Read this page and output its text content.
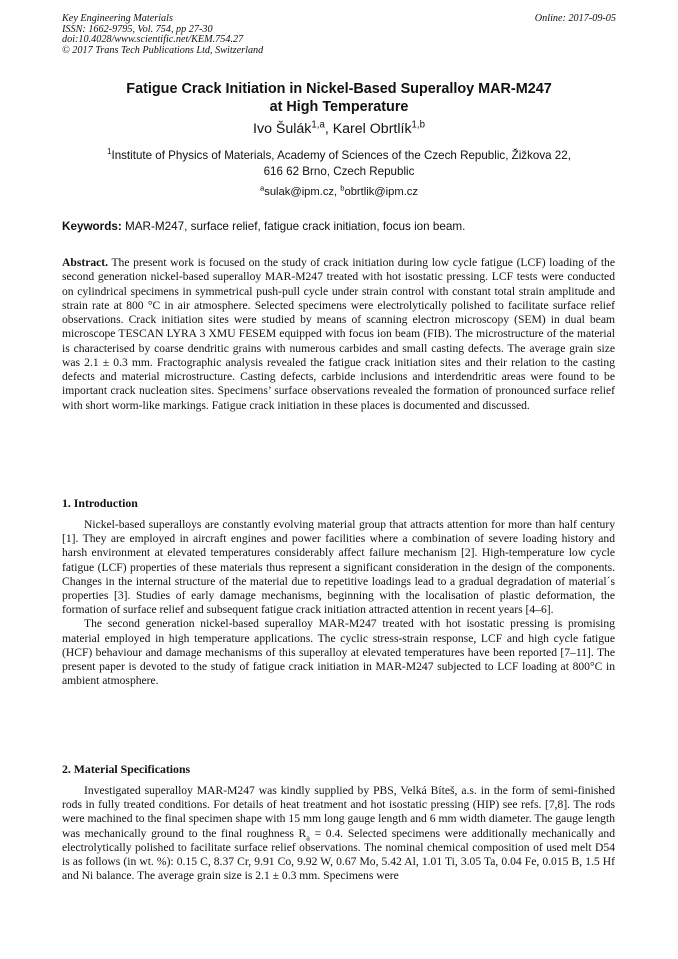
Key Engineering Materials
ISSN: 1662-9795, Vol. 754, pp 27-30
doi:10.4028/www.scientific.net/KEM.754.27
© 2017 Trans Tech Publications Ltd, Switzerland
Online: 2017-09-05
Fatigue Crack Initiation in Nickel-Based Superalloy MAR-M247
at High Temperature
Ivo Šulák$^{1,a}$, Karel Obrtlík$^{1,b}$
$^1$Institute of Physics of Materials, Academy of Sciences of the Czech Republic, Žižkova 22,
616 62 Brno, Czech Republic
$^a$sulak@ipm.cz, $^b$obrtlik@ipm.cz
Keywords: MAR-M247, surface relief, fatigue crack initiation, focus ion beam.
Abstract. The present work is focused on the study of crack initiation during low cycle fatigue (LCF) loading of the second generation nickel-based superalloy MAR-M247 treated with hot isostatic pressing. LCF tests were conducted on cylindrical specimens in symmetrical push-pull cycle under strain control with constant total strain amplitude and strain rate at 800 °C in air atmosphere. Selected specimens were electrolytically polished to facilitate surface relief observations. Crack initiation sites were studied by means of scanning electron microscopy (SEM) in dual beam microscope TESCAN LYRA 3 XMU FESEM equipped with focus ion beam (FIB). The microstructure of the material is characterised by coarse dendritic grains with numerous carbides and small casting defects. The average grain size was 2.1 ± 0.3 mm. Fractographic analysis revealed the fatigue crack initiation sites and their relation to the casting defects and material microstructure. Casting defects, carbide inclusions and interdendritic areas were found to be important crack nucleation sites. Specimens’ surface observations revealed the formation of pronounced surface relief with short worm-like markings. Fatigue crack initiation in these places is documented and discussed.
1. Introduction

Nickel-based superalloys are constantly evolving material group that attracts attention for more than half century [1]. They are employed in aircraft engines and power facilities where a combination of severe loading history and harsh environment at elevated temperatures considerably affect failure mechanism [2]. High-temperature low cycle fatigue (LCF) properties of these materials thus represent a significant consideration in the design of the components. Changes in the internal structure of the material due to repetitive loadings lead to a gradual degradation of material´s properties [3]. Studies of early damage mechanisms, beginning with the localisation of plastic deformation, the formation of surface relief and subsequent fatigue crack initiation attracted attention in recent years [4–6].

The second generation nickel-based superalloy MAR-M247 treated with hot isostatic pressing is promising material employed in high temperature applications. The cyclic stress-strain response, LCF and high cycle fatigue (HCF) behaviour and damage mechanisms of this superalloy at elevated temperatures have been reported [7–11]. The present paper is devoted to the study of fatigue crack initiation in MAR-M247 subjected to LCF loading at 800°C in ambient atmosphere.

2. Material Specifications

Investigated superalloy MAR-M247 was kindly supplied by PBS, Velká Bíteš, a.s. in the form of semi-finished rods in fully treated conditions. For details of heat treatment and hot isostatic pressing (HIP) see refs. [7,8]. The rods were machined to the final specimen shape with 15 mm long gauge length and 6 mm width diameter. The gauge length was mechanically ground to the final roughness $R_a = 0.4$. Selected specimens were additionally mechanically and electrolytically polished to facilitate surface relief observations. The nominal chemical composition of used melt D54 is as follows (in wt. %): 0.15 C, 8.37 Cr, 9.91 Co, 9.92 W, 0.67 Mo, 5.42 Al, 1.01 Ti, 3.05 Ta, 0.04 Fe, 0.015 B, 1.5 Hf and Ni balance. The average grain size is 2.1 ± 0.3 mm. Specimens were
